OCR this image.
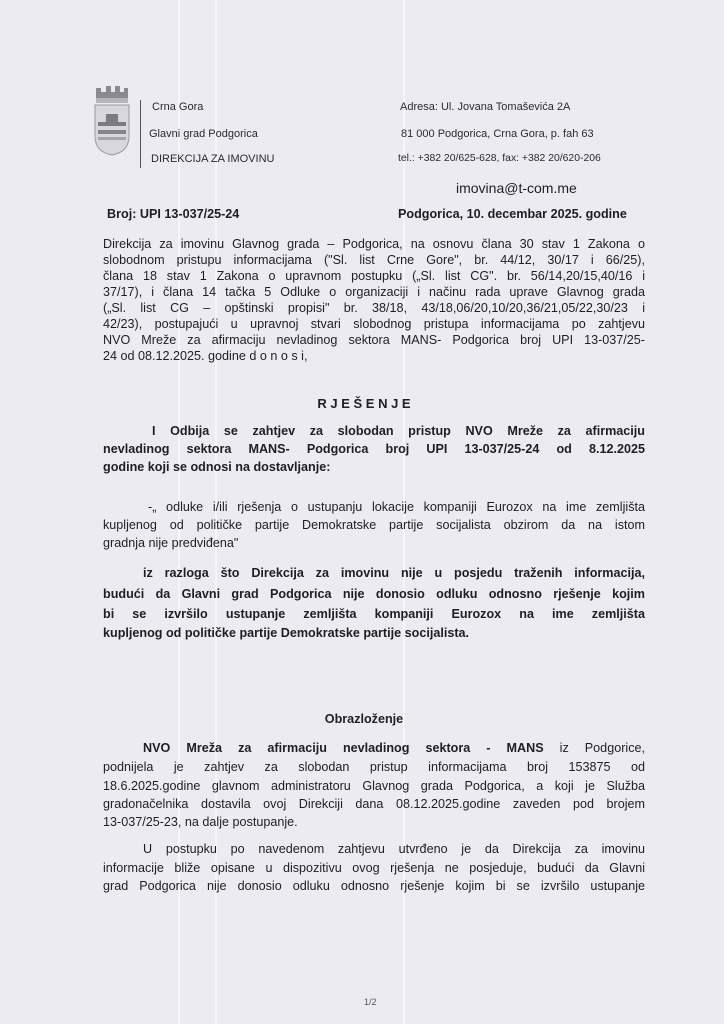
Crna Gora
Glavni grad Podgorica
DIREKCIJA ZA IMOVINU
Adresa: Ul. Jovana Tomaševića 2A
81 000 Podgorica, Crna Gora, p. fah 63
tel.: +382 20/625-628, fax: +382 20/620-206
imovina@t-com.me
Broj: UPI 13-037/25-24	Podgorica, 10. decembar 2025. godine
Direkcija za imovinu Glavnog grada – Podgorica, na osnovu člana 30 stav 1 Zakona o
slobodnom pristupu informacijama ("Sl. list Crne Gore", br. 44/12, 30/17 i 66/25),
člana 18 stav 1 Zakona o upravnom postupku („Sl. list CG". br. 56/14,20/15,40/16 i
37/17), i člana 14 tačka 5 Odluke o organizaciji i načinu rada uprave Glavnog grada
(„Sl. list CG – opštinski propisi" br. 38/18, 43/18,06/20,10/20,36/21,05/22,30/23 i
42/23), postupajući u upravnoj stvari slobodnog pristupa informacijama po zahtjevu
NVO Mreže za afirmaciju nevladinog sektora MANS- Podgorica broj UPI 13-037/25-
24 od 08.12.2025. godine d o n o s i,
R J E Š E N J E
I Odbija se zahtjev za slobodan pristup NVO Mreže za afirmaciju
nevladinog sektora MANS- Podgorica broj UPI 13-037/25-24 od 8.12.2025
godine koji se odnosi na dostavljanje:
-„ odluke i/ili rješenja o ustupanju lokacije kompaniji Eurozox na ime zemljišta
kupljenog od političke partije Demokratske partije socijalista obzirom da na istom
gradnja nije predviđena"
iz razloga što Direkcija za imovinu nije u posjedu traženih informacija,
budući da Glavni grad Podgorica nije donosio odluku odnosno rješenje kojim
bi se izvršilo ustupanje zemljišta kompaniji Eurozox na ime zemljišta
kupljenog od političke partije Demokratske partije socijalista.
Obrazloženje
NVO Mreža za afirmaciju nevladinog sektora - MANS iz Podgorice,
podnijela je zahtjev za slobodan pristup informacijama broj 153875 od
18.6.2025.godine glavnom administratoru Glavnog grada Podgorica, a koji je Služba
gradonačelnika dostavila ovoj Direkciji dana 08.12.2025.godine zaveden pod brojem
13-037/25-23, na dalje postupanje.
U postupku po navedenom zahtjevu utvrđeno je da Direkcija za imovinu
informacije bliže opisane u dispozitivu ovog rješenja ne posjeduje, budući da Glavni
grad Podgorica nije donosio odluku odnosno rješenje kojim bi se izvršilo ustupanje
1/2
